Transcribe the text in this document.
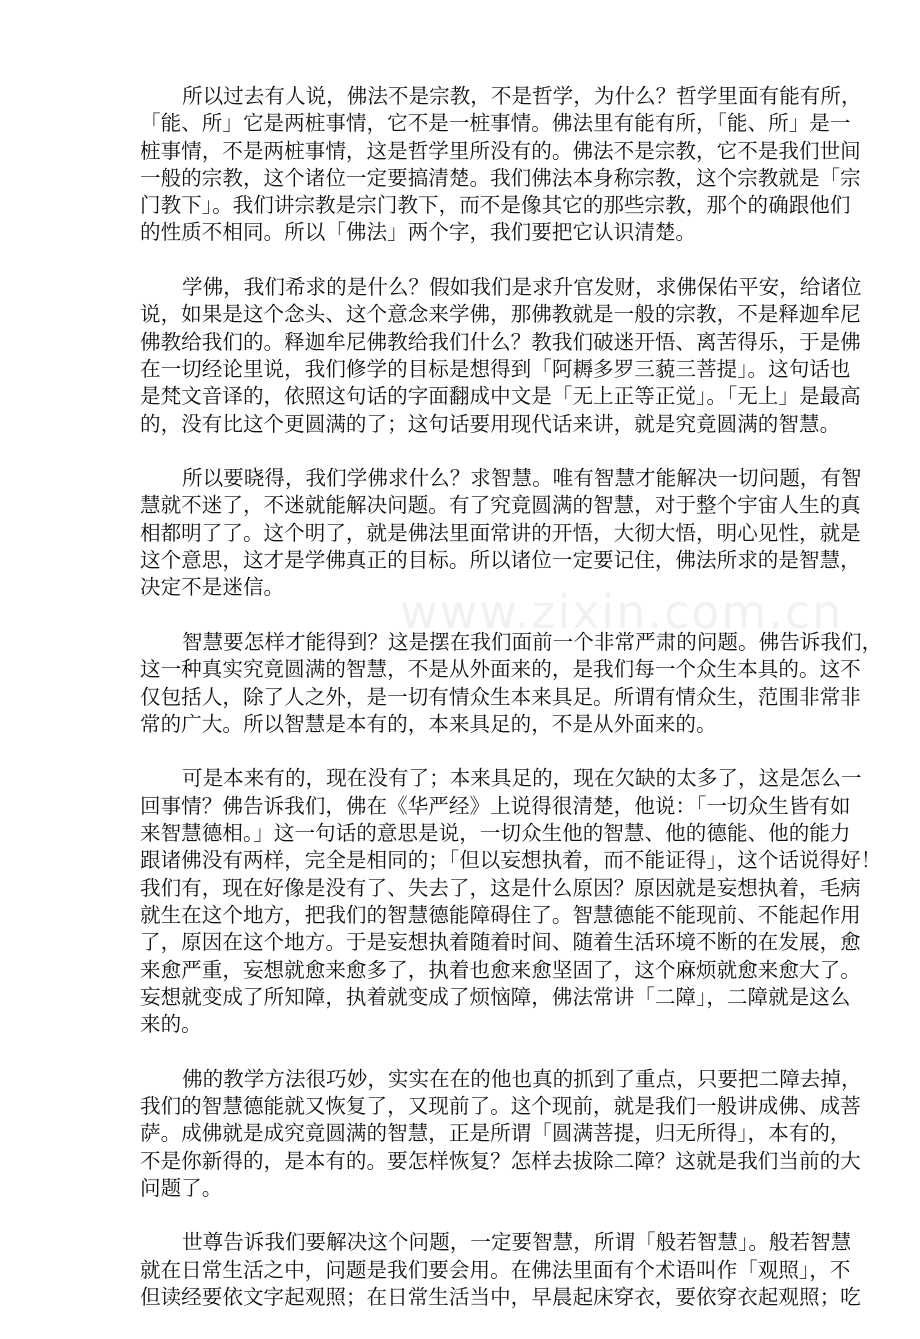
www.zixin.com.cn
所以过去有人说，佛法不是宗教，不是哲学，为什么？哲学里面有能有所，
「能、所」它是两桩事情，它不是一桩事情。佛法里有能有所，「能、所」是一
桩事情，不是两桩事情，这是哲学里所没有的。佛法不是宗教，它不是我们世间
一般的宗教，这个诸位一定要搞清楚。我们佛法本身称宗教，这个宗教就是「宗
门教下」。我们讲宗教是宗门教下，而不是像其它的那些宗教，那个的确跟他们
的性质不相同。所以「佛法」两个字，我们要把它认识清楚。
学佛，我们希求的是什么？假如我们是求升官发财，求佛保佑平安，给诸位
说，如果是这个念头、这个意念来学佛，那佛教就是一般的宗教，不是释迦牟尼
佛教给我们的。释迦牟尼佛教给我们什么？教我们破迷开悟、离苦得乐，于是佛
在一切经论里说，我们修学的目标是想得到「阿耨多罗三藐三菩提」。这句话也
是梵文音译的，依照这句话的字面翻成中文是「无上正等正觉」。「无上」是最高
的，没有比这个更圆满的了；这句话要用现代话来讲，就是究竟圆满的智慧。
所以要晓得，我们学佛求什么？求智慧。唯有智慧才能解决一切问题，有智
慧就不迷了，不迷就能解决问题。有了究竟圆满的智慧，对于整个宇宙人生的真
相都明了了。这个明了，就是佛法里面常讲的开悟，大彻大悟，明心见性，就是
这个意思，这才是学佛真正的目标。所以诸位一定要记住，佛法所求的是智慧，
决定不是迷信。
智慧要怎样才能得到？这是摆在我们面前一个非常严肃的问题。佛告诉我们，
这一种真实究竟圆满的智慧，不是从外面来的，是我们每一个众生本具的。这不
仅包括人，除了人之外，是一切有情众生本来具足。所谓有情众生，范围非常非
常的广大。所以智慧是本有的，本来具足的，不是从外面来的。
可是本来有的，现在没有了；本来具足的，现在欠缺的太多了，这是怎么一
回事情？佛告诉我们，佛在《华严经》上说得很清楚，他说：「一切众生皆有如
来智慧德相。」这一句话的意思是说，一切众生他的智慧、他的德能、他的能力
跟诸佛没有两样，完全是相同的；「但以妄想执着，而不能证得」，这个话说得好！
我们有，现在好像是没有了、失去了，这是什么原因？原因就是妄想执着，毛病
就生在这个地方，把我们的智慧德能障碍住了。智慧德能不能现前、不能起作用
了，原因在这个地方。于是妄想执着随着时间、随着生活环境不断的在发展，愈
来愈严重，妄想就愈来愈多了，执着也愈来愈坚固了，这个麻烦就愈来愈大了。
妄想就变成了所知障，执着就变成了烦恼障，佛法常讲「二障」，二障就是这么
来的。
佛的教学方法很巧妙，实实在在的他也真的抓到了重点，只要把二障去掉，
我们的智慧德能就又恢复了，又现前了。这个现前，就是我们一般讲成佛、成菩
萨。成佛就是成究竟圆满的智慧，正是所谓「圆满菩提，归无所得」，本有的，
不是你新得的，是本有的。要怎样恢复？怎样去拔除二障？这就是我们当前的大
问题了。
世尊告诉我们要解决这个问题，一定要智慧，所谓「般若智慧」。般若智慧
就在日常生活之中，问题是我们要会用。在佛法里面有个术语叫作「观照」，不
但读经要依文字起观照；在日常生活当中，早晨起床穿衣，要依穿衣起观照；吃
